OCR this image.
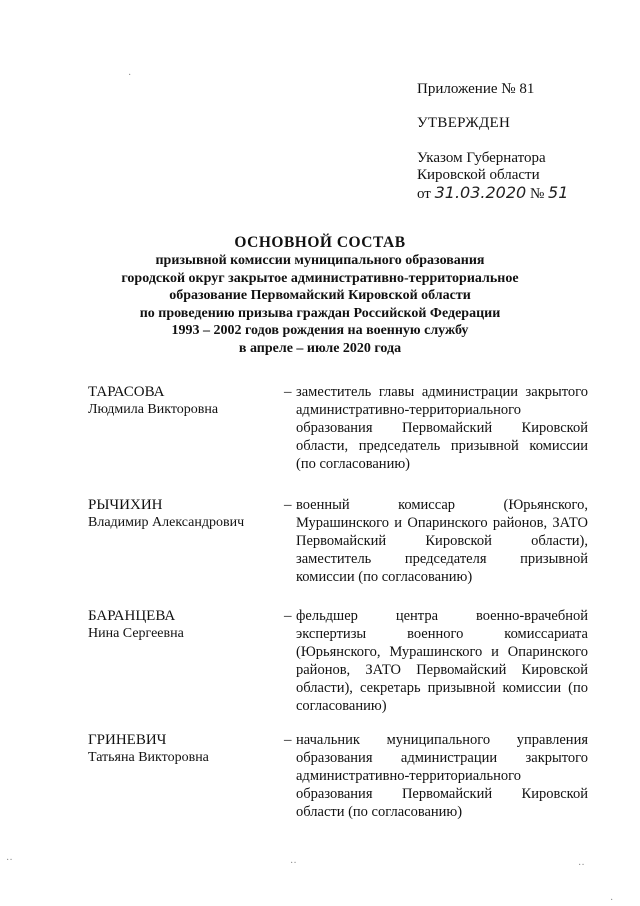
Приложение № 81
УТВЕРЖДЕН
Указом Губернатора
Кировской области
от 31.03.2020 № 51
ОСНОВНОЙ СОСТАВ
призывной комиссии муниципального образования
городской округ закрытое административно-территориальное
образование Первомайский Кировской области
по проведению призыва граждан Российской Федерации
1993 – 2002 годов рождения на военную службу
в апреле – июле 2020 года
ТАРАСОВА
Людмила Викторовна
– заместитель главы администрации закрытого административно-территориального образования Первомайский Кировской области, председатель призывной комиссии (по согласованию)
РЫЧИХИН
Владимир Александрович
– военный комиссар (Юрьянского, Мурашинского и Опаринского районов, ЗАТО Первомайский Кировской области), заместитель председателя призывной комиссии (по согласованию)
БАРАНЦЕВА
Нина Сергеевна
– фельдшер центра военно-врачебной экспертизы военного комиссариата (Юрьянского, Мурашинского и Опаринского районов, ЗАТО Первомайский Кировской области), секретарь призывной комиссии (по согласованию)
ГРИНЕВИЧ
Татьяна Викторовна
– начальник муниципального управления образования администрации закрытого административно-территориального образования Первомайский Кировской области (по согласованию)
·
··	··	··
·
